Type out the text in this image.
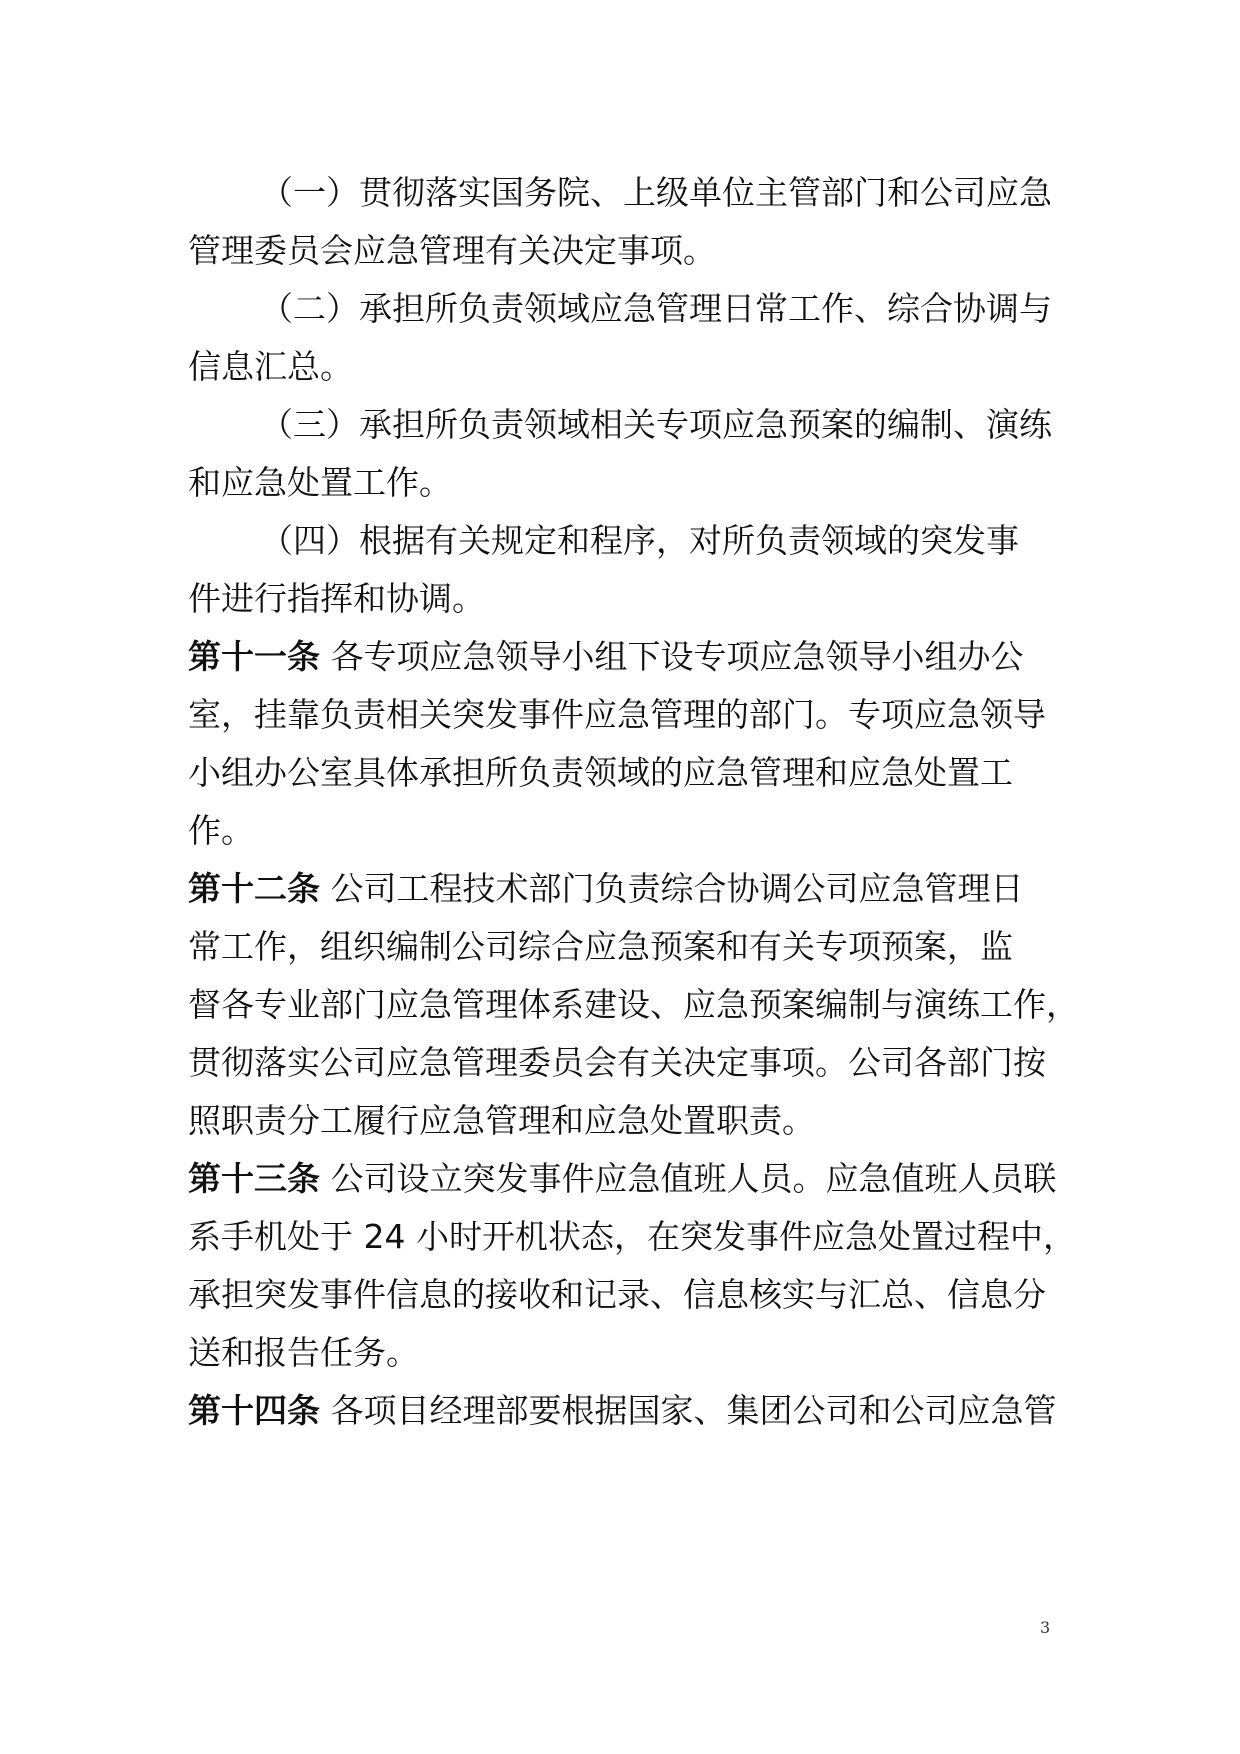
（一）贯彻落实国务院、上级单位主管部门和公司应急
管理委员会应急管理有关决定事项。
（二）承担所负责领域应急管理日常工作、综合协调与
信息汇总。
（三）承担所负责领域相关专项应急预案的编制、演练
和应急处置工作。
（四）根据有关规定和程序，对所负责领域的突发事
件进行指挥和协调。
第十一条 各专项应急领导小组下设专项应急领导小组办公
室，挂靠负责相关突发事件应急管理的部门。专项应急领导
小组办公室具体承担所负责领域的应急管理和应急处置工
作。
第十二条 公司工程技术部门负责综合协调公司应急管理日
常工作，组织编制公司综合应急预案和有关专项预案，监
督各专业部门应急管理体系建设、应急预案编制与演练工作，
贯彻落实公司应急管理委员会有关决定事项。公司各部门按
照职责分工履行应急管理和应急处置职责。
第十三条 公司设立突发事件应急值班人员。应急值班人员联
系手机处于 24 小时开机状态，在突发事件应急处置过程中，
承担突发事件信息的接收和记录、信息核实与汇总、信息分
送和报告任务。
第十四条 各项目经理部要根据国家、集团公司和公司应急管
3
